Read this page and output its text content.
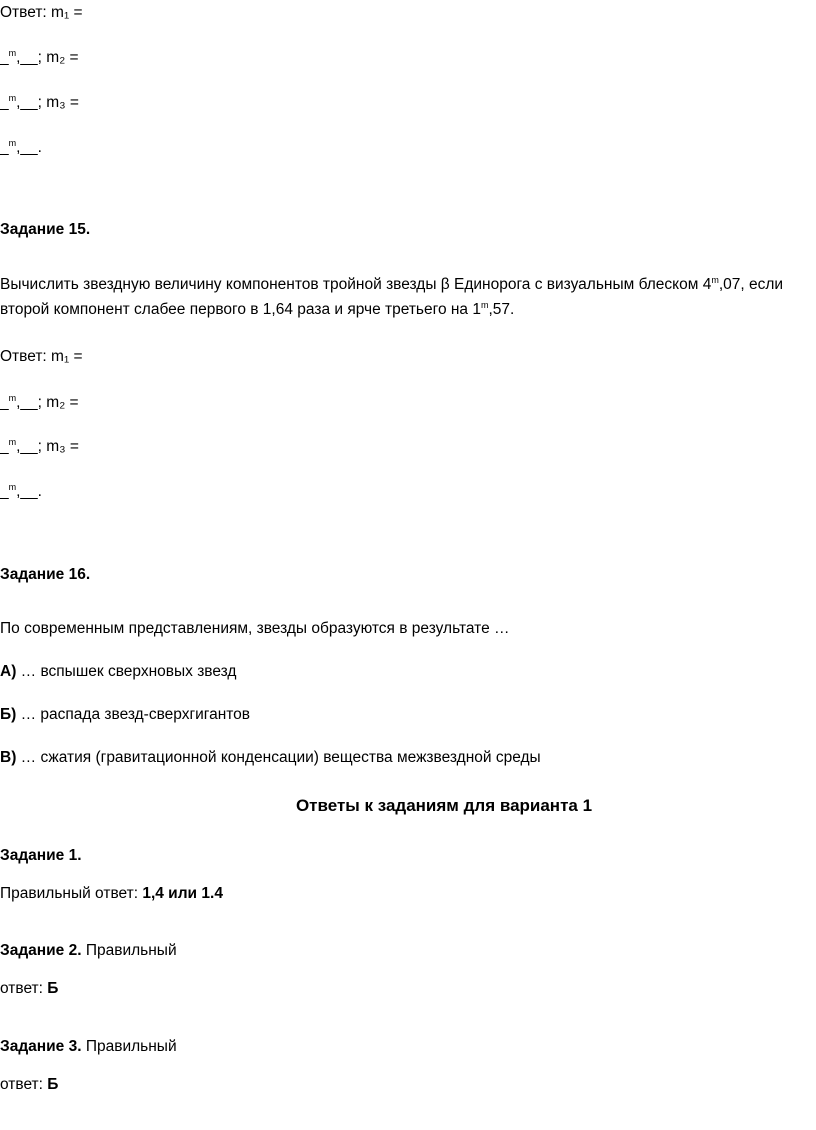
Ответ: m₁ =
_$^m$,__; m₂ =
_$^m$,__; m₃ =
_$^m$,__.
Задание 15.
Вычислить звездную величину компонентов тройной звезды β Единорога с визуальным блеском 4$^m$,07, если второй компонент слабее первого в 1,64 раза и ярче третьего на 1$^m$,57.
Ответ: m₁ =
_$^m$,__; m₂ =
_$^m$,__; m₃ =
_$^m$,__.
Задание 16.
По современным представлениям, звезды образуются в результате …
А) … вспышек сверхновых звезд
Б) … распада звезд-сверхгигантов
В) … сжатия (гравитационной конденсации) вещества межзвездной среды
Ответы к заданиям для варианта 1
Задание 1.
Правильный ответ: 1,4 или 1.4
Задание 2. Правильный
ответ: Б
Задание 3. Правильный
ответ: Б
